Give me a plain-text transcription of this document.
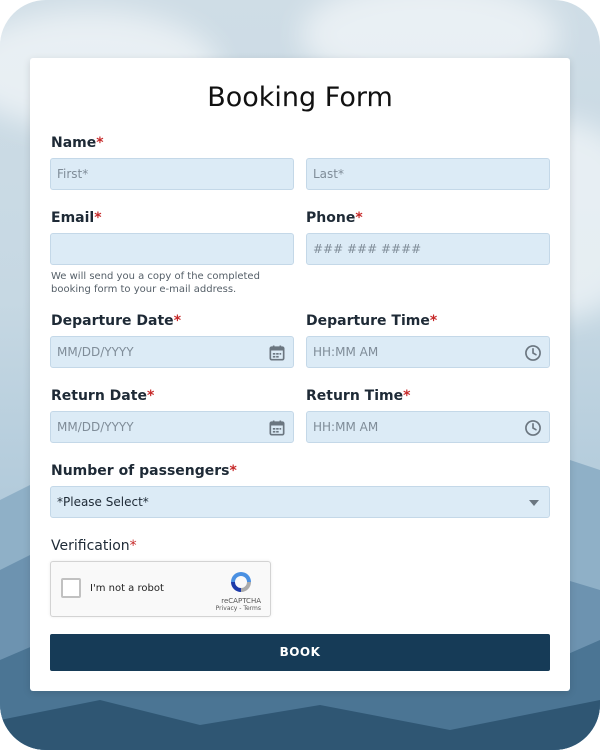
Booking Form
Name*
First*	Last*
Email*
We will send you a copy of the completed booking form to your e-mail address.
Phone*
### ### ####
Departure Date*
MM/DD/YYYY
Departure Time*
HH:MM AM
Return Date*
MM/DD/YYYY
Return Time*
HH:MM AM
Number of passengers*
*Please Select*
Verification*
I'm not a robot
reCAPTCHA
Privacy - Terms
BOOK
